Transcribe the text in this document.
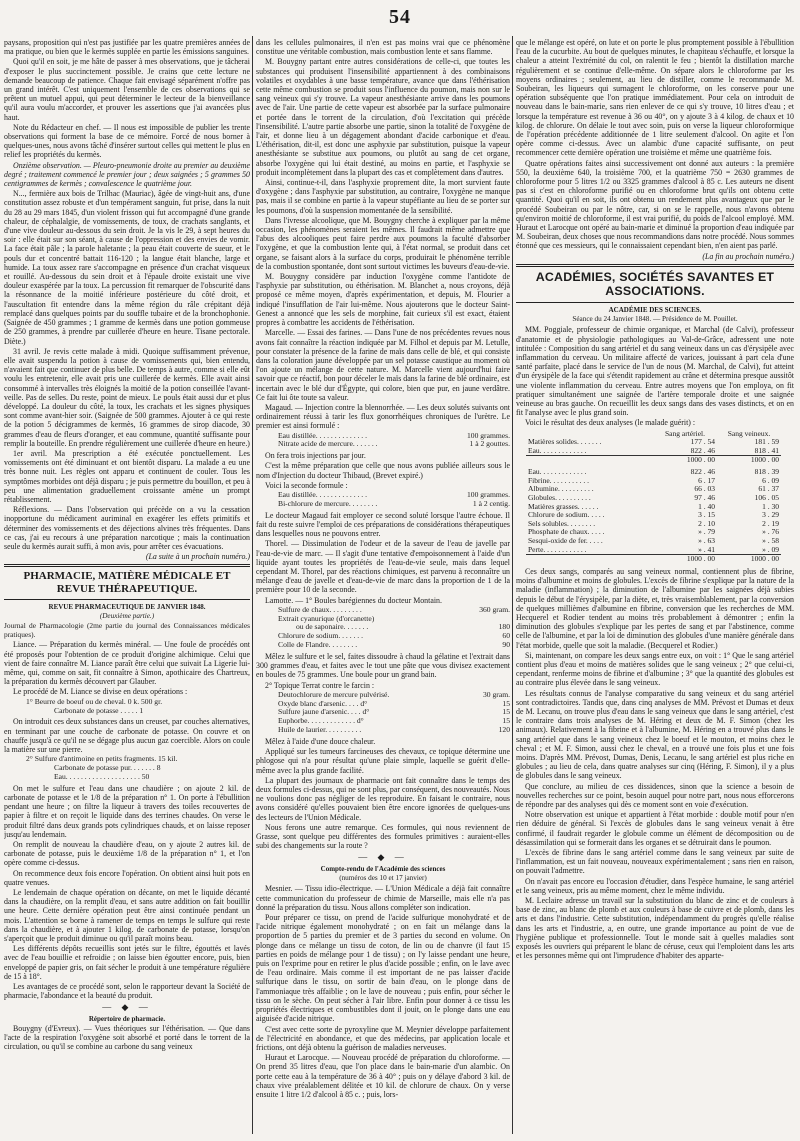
54

paysans, proposition qui n'est pas justifiée par les quatre premières années de ma pratique, ou bien que le kermès supplée en partie les émissions sanguines.

Quoi qu'il en soit, je me hâte de passer à mes observations, que je tâcherai d'exposer le plus succinctement possible. Je crains que cette lecture ne demande beaucoup de patience. Chaque fait envisagé séparément n'offre pas un grand intérêt. C'est uniquement l'ensemble de ces observations qui se prêtent un mutuel appui, qui peut déterminer le lecteur de la bienveillance qu'il aura voulu m'accorder, et prouver les assertions que j'ai avancées plus haut.

Note du Rédacteur en chef. — Il nous est impossible de publier les trente observations qui forment la base de ce mémoire. Forcé de nous borner à quelques-unes, nous avons tâché d'insérer surtout celles qui mettent le plus en relief les propriétés du kermès.

Onzième observation. — Pleuro-pneumonie droite au premier au deuxième degré ; traitement commencé le premier jour ; deux saignées ; 5 grammes 50 centigrammes de kermès ; convalescence le quatrième jour.

N..., fermière aux bois de Trilhac (Mauriac), âgée de vingt-huit ans, d'une constitution assez robuste et d'un tempérament sanguin, fut prise, dans la nuit du 28 au 29 mars 1845, d'un violent frisson qui fut accompagné d'une grande chaleur, de céphalalgie, de vomissements, de toux, de crachats sanglants, et d'une vive douleur au-dessous du sein droit. Je la vis le 29, à sept heures du soir : elle était sur son séant, à cause de l'oppression et des envies de vomir. La face était pâle ; la parole haletante ; la peau était couverte de sueur, et le pouls dur et concentré battait 116-120 ; la langue était blanche, large et humide. La toux assez rare s'accompagne en présence d'un crachat visqueux et rouillé. Au-dessous du sein droit et à l'épaule droite existait une vive douleur exaspérée par la toux. La percussion fit remarquer de l'obscurité dans la résonnance de la moitié inférieure postérieure du côté droit, et l'auscultation fit entendre dans la même région du râle crépitant déjà remplacé dans quelques points par du souffle tubaire et de la bronchophonie. (Saignée de 450 grammes ; 1 gramme de kermès dans une potion gommeuse de 250 grammes, à prendre par cuillerée d'heure en heure. Tisane pectorale. Diète.)

31 avril. Je revis cette malade à midi. Quoique suffisamment prévenue, elle avait suspendu la potion à cause de vomissements qui, bien entendu, n'avaient fait que continuer de plus belle. De temps à autre, comme si elle eût voulu les entretenir, elle avait pris une cuillerée de kermès. Elle avait ainsi consommé à intervalles très éloignés la moitié de la potion conseillée l'avant-veille. Pas de selles. Du reste, point de mieux. Le pouls était aussi dur et plus développé. La douleur du côté, la toux, les crachats et les signes physiques sont comme avant-hier soir. (Saignée de 500 grammes. Ajouter à ce qui reste de la potion 5 décigrammes de kermès, 16 grammes de sirop diacode, 30 grammes d'eau de fleurs d'oranger, et eau commune, quantité suffisante pour remplir la bouteille. En prendre régulièrement une cuillerée d'heure en heure.)

1er avril. Ma prescription a été exécutée ponctuellement. Les vomissements ont été diminuant et ont bientôt disparu. La malade a eu une très bonne nuit. Les règles ont apparu et continuent de couler. Tous les symptômes morbides ont déjà disparu ; je puis permettre du bouillon, et peu à peu une alimentation graduellement croissante amène un prompt rétablissement.

Réflexions. — Dans l'observation qui précède on a vu la cessation inopportune du médicament auriminal en exagérer les effets primitifs et déterminer des vomissements et des déjections alvines très fréquentes. Dans ce cas, j'ai eu recours à une préparation narcotique ; mais la continuation seule du kermès aurait suffi, à mon avis, pour arrêter ces évacuations.

(La suite à un prochain numéro.)
PHARMACIE, MATIÈRE MÉDICALE ET REVUE THÉRAPEUTIQUE.
REVUE PHARMACEUTIQUE DE JANVIER 1848.
(Deuxième partie.)

Journal de Pharmacologie (2me partie du journal des Connaissances médicales pratiques).

Liance. — Préparation du kermès minéral. — Une foule de procédés ont été proposés pour l'obtention de ce produit d'origine alchimique. Celui que vient de faire connaître M. Liance paraît être celui que suivait La Ligerie lui-même, qui, comme on sait, fit connaître à Simon, apothicaire des Chartreux, la préparation du kermès découvert par Glauber.

Le procédé de M. Liance se divise en deux opérations :

1° Beurre de boeuf ou de cheval. 0 k. 500 gr.
Carbonate de potasse . . . . . 1

On introduit ces deux substances dans un creuset, par couches alternatives, en terminant par une couche de carbonate de potasse. On couvre et on chauffe jusqu'à ce qu'il ne se dégage plus aucun gaz coercible. Alors on coule la matière sur une pierre.

2° Sulfure d'antimoine en petits fragments. 15 kil.
Carbonate de potasse pur. . . . . . . 8
Eau. . . . . . . . . . . . . . . . . . . . 50

On met le sulfure et l'eau dans une chaudière ; on ajoute 2 kil. de carbonate de potasse et le 1/8 de la préparation n° 1. On porte à l'ébullition pendant une heure ; on filtre la liqueur à travers des toiles recouvertes de papier à filtre et on reçoit le liquide dans des terrines chaudes. On verse le produit filtré dans deux grands pots cylindriques chauds, et on laisse reposer jusqu'au lendemain.

On remplit de nouveau la chaudière d'eau, on y ajoute 2 autres kil. de carbonate de potasse, puis le deuxième 1/8 de la préparation n° 1, et l'on opère comme ci-dessus.

On recommence deux fois encore l'opération. On obtient ainsi huit pots en quatre venues.

Le lendemain de chaque opération on décante, on met le liquide décanté dans la chaudière, on la remplit d'eau, et sans autre addition on fait bouillir une heure. Cette dernière opération peut être ainsi continuée pendant un mois. L'attention se borne à ramener de temps en temps le sulfure qui reste dans la chaudière, et à ajouter 1 kilog. de carbonate de potasse, lorsqu'on s'aperçoit que le produit diminue ou qu'il paraît moins beau.

Les différents dépôts recueillis sont jetés sur le filtre, égouttés et lavés avec de l'eau bouillie et refroidie ; on laisse bien égoutter encore, puis, bien enveloppé de papier gris, on fait sécher le produit à une température régulière de 15 à 18°.

Les avantages de ce procédé sont, selon le rapporteur devant la Société de pharmacie, l'abondance et la beauté du produit.

— ◆ —
Répertoire de pharmacie.

Bouygny (d'Evreux). — Vues théoriques sur l'éthérisation. — Que dans l'acte de la respiration l'oxygène soit absorbé et porté dans le torrent de la circulation, ou qu'il se combine au carbone du sang veineux

dans les cellules pulmonaires, il n'en est pas moins vrai que ce phénomène constitue une véritable combustion, mais combustion lente et sans flamme.

M. Bouygny partant entre autres considérations de celle-ci, que toutes les substances qui produisent l'insensibilité appartiennent à des combinaisons volatiles et oxydables à une basse température, avance que dans l'éthérisation cette même combustion se produit sous l'influence du poumon, mais non sur le sang veineux qui s'y trouve. La vapeur anesthésiante arrive dans les poumons avec de l'air. Une partie de cette vapeur est absorbée par la surface pulmonaire et portée dans le torrent de la circulation, d'où l'excitation qui précède l'insensibilité. L'autre partie absorbe une partie, sinon la totalité de l'oxygène de l'air, et donne lieu à un dégagement abondant d'acide carbonique et d'eau. L'éthérisation, dit-il, est donc une asphyxie par substitution, puisque la vapeur anesthésiante se substitue aux poumons, ou plutôt au sang de cet organe, absorbe l'oxygène qui lui était destiné, au moins en partie, et l'asphyxie se produit incomplètement dans la plupart des cas et complètement dans d'autres.

Ainsi, continue-t-il, dans l'asphyxie proprement dite, la mort survient faute d'oxygène ; dans l'asphyxie par substitution, au contraire, l'oxygène ne manque pas, mais il se combine en partie à la vapeur stupéfiante au lieu de se porter sur les poumons, d'où la suspension momentanée de la sensibilité.

Dans l'ivresse alcoolique, que M. Bouygny cherche à expliquer par la même occasion, les phénomènes seraient les mêmes. Il faudrait même admettre que l'abus des alcooliques peut faire perdre aux poumons la faculté d'absorber l'oxygène, et que la combustion lente qui, à l'état normal, se produit dans cet organe, se faisant alors à la surface du corps, produirait le phénomène terrible de la combustion spontanée, dont sont surtout victimes les buveurs d'eau-de-vie.

M. Bouygny considère par induction l'oxygène comme l'antidote de l'asphyxie par substitution, ou éthérisation. M. Blanchet a, nous croyons, déjà proposé ce même moyen, d'après expérimentation, et depuis, M. Flourier a indiqué l'insufflation de l'air lui-même. Nous ajouterons que le docteur Saint-Genest a annoncé que les sels de morphine, fait curieux s'il est exact, étaient propres à combattre les accidents de l'éthérisation.

Marcelle. — Essai des farines. — Dans l'une de nos précédentes revues nous avons fait connaître la réaction indiquée par M. Filhol et depuis par M. Letulle, pour constater la présence de la farine de maïs dans celle de blé, et qui consiste dans la coloration jaune développée par un sel potasse caustique au moment où l'on ajoute un mélange de cette nature. M. Marcelle vient aujourd'hui faire savoir que ce réactif, bon pour déceler le maïs dans la farine de blé ordinaire, est incertain avec le blé dur d'Égypte, qui colore, bien que pur, en jaune verdâtre. Ce fait lui ôte toute sa valeur.

Magaud. — Injection contre la blennorrhée. — Les deux solutés suivants ont ordinairement réussi à tarir les flux gonorrhéiques chroniques de l'urètre. Le premier est ainsi formulé :

Eau distillée. . . . . . . . . . . . . .	100 grammes.
Nitrate acide de mercure. . . . . . .	1 à 2 gouttes.

On fera trois injections par jour.

C'est la même préparation que celle que nous avons publiée ailleurs sous le nom d'Injection du docteur Thibaud, (Brevet expiré.)

Voici la seconde formule :

Eau distillée. . . . . . . . . . . . . .	100 grammes.
Bi-chlorure de mercure. . . . . . . .	1 à 2 centig.

Le docteur Magaud fait employer ce second soluté lorsque l'autre échoue. Il fait du reste suivre l'emploi de ces préparations de considérations thérapeutiques dans lesquelles nous ne pouvons entrer.

Thorel. — Dissimulation de l'odeur et de la saveur de l'eau de javelle par l'eau-de-vie de marc. — Il s'agit d'une tentative d'empoisonnement à l'aide d'un liquide ayant toutes les propriétés de l'eau-de-vie seule, mais dans lequel cependant M. Thorel, par des réactions chimiques, est parvenu à reconnaître un mélange d'eau de javelle et d'eau-de-vie de marc dans la proportion de 1 de la première pour 10 de la seconde.

Lamotte. — 1° Boules barégiennes du docteur Montain.

Sulfure de chaux. . . . . . . . .	360 gram.
Extrait cyanurique (d'orcanette)
ou de saponaire. . . . . . .	180
Chlorure de sodium. . . . . . .	60
Colle de Flandre. . . . . . . .	90

Mêlez le sulfure et le sel, faites dissoudre à chaud la gélatine et l'extrait dans 300 grammes d'eau, et faites avec le tout une pâte que vous divisez exactement en boules de 75 grammes. Une boule pour un grand bain.

2° Topique Terrat contre le farcin :

Deutochlorure de mercure pulvérisé.	30 gram.
Oxyde blanc d'arsenic. . . . d°	15
Sulfure jaune d'arsenic. . . . d°	15
Euphorbe. . . . . . . . . . . . . d°	15
Huile de laurier. . . . . . . . . .	120

Mêlez à l'aide d'une douce chaleur.

Appliqué sur les tumeurs farcineuses des chevaux, ce topique détermine une phlogose qui n'a pour résultat qu'une plaie simple, laquelle se guérit d'elle-même avec la plus grande facilité.

La plupart des journaux de pharmacie ont fait connaître dans le temps des deux formules ci-dessus, qui ne sont plus, par conséquent, des nouveautés. Nous ne voulions donc pas négliger de les reproduire. En faisant le contraire, nous avons considéré qu'elles pouvaient bien être encore ignorées de quelques-uns des lecteurs de l'Union Médicale.

Nous ferons une autre remarque. Ces formules, qui nous reviennent de Grasse, sont quelque peu différentes des formules primitives : auraient-elles subi des changements sur la route ?

— ◆ —
Compte-rendu de l'Académie des sciences
(numéros des 10 et 17 janvier)

Mesnier. — Tissu idio-électrique. — L'Union Médicale a déjà fait connaître cette communication du professeur de chimie de Marseille, mais elle n'a pas donné la préparation du tissu. Nous allons compléter son indication.

Pour préparer ce tissu, on prend de l'acide sulfurique monohydraté et de l'acide nitrique également monohydraté ; on en fait un mélange dans la proportion de 5 parties du premier et de 3 parties du second en volume. On plonge dans ce mélange un tissu de coton, de lin ou de chanvre (il faut 15 parties en poids de mélange pour 1 de tissu) ; on l'y laisse pendant une heure, puis on l'exprime pour en retirer le plus d'acide possible ; enfin, on le lave avec de l'eau ordinaire. Mais comme il est important de ne pas laisser d'acide sulfurique dans le tissu, on sortir de bain d'eau, on le plonge dans de l'ammoniaque très affaiblie ; on le lave de nouveau ; puis enfin, pour sécher le tissu on le sèche. On peut sécher à l'air libre. Enfin pour donner à ce tissu les propriétés électriques et combustibles dont il jouit, on le plonge dans une eau aiguisée d'acide nitrique.

C'est avec cette sorte de pyroxyline que M. Meynier développe parfaitement de l'électricité en abondance, et que des médecins, par application locale et frictions, ont déjà obtenu la guérison de maladies nerveuses.

Huraut et Larocque. — Nouveau procédé de préparation du chloroforme. — On prend 35 litres d'eau, que l'on place dans le bain-marie d'un alambic. On porte cette eau à la température de 36 à 40° ; puis on y délaye d'abord 3 kil. de chaux vive préalablement délitée et 10 kil. de chlorure de chaux. On y verse ensuite 1 litre 1/2 d'alcool à 85 c. ; puis, lors-

que le mélange est opéré, on lute et on porte le plus promptement possible à l'ébullition l'eau de la cucurbite. Au bout de quelques minutes, le chapiteau s'échauffe, et lorsque la chaleur a atteint l'extrémité du col, on ralentit le feu ; bientôt la distillation marche régulièrement et se continue d'elle-même. On sépare alors le chloroforme par les moyens ordinaires ; seulement, au lieu de distiller, comme le recommande M. Soubeiran, les liqueurs qui surnagent le chloroforme, on les conserve pour une opération subséquente que l'on pratique immédiatement. Pour cela on introduit de nouveau dans le bain-marie, sans rien enlever de ce qui s'y trouve, 10 litres d'eau ; et lorsque la température est revenue à 36 ou 40°, on y ajoute 3 à 4 kilog. de chaux et 10 kilog. de chlorure. On délaie le tout avec soin, puis on verse la liqueur chloroformique de l'opération précédente additionnée de 1 litre seulement d'alcool. On agite et l'on opère comme ci-dessus. Avec un alambic d'une capacité suffisante, on peut recommencer cette dernière opération une troisième et même une quatrième fois.

Quatre opérations faites ainsi successivement ont donné aux auteurs : la première 550, la deuxième 640, la troisième 700, et la quatrième 750 = 2630 grammes de chloroforme pour 5 litres 1/2 ou 3325 grammes d'alcool à 85 c. Les auteurs ne disent pas si c'est en chloroforme purifié ou en chloroforme brut qu'ils ont obtenu cette quantité. Quoi qu'il en soit, ils ont obtenu un rendement plus avantageux que par le procédé Soubeiran ou par le nôtre, car, si on se le rappelle, nous n'avons obtenu qu'environ moitié de chloroforme, il est vrai purifié, du poids de l'alcool employé. MM. Huraut et Larocque ont opéré au bain-marie et diminué la proportion d'eau indiquée par M. Soubeiran, deux choses que nous recommandions dans notre procédé. Nous sommes étonné que ces messieurs, qui le connaissaient cependant bien, n'en aient pas parlé.

(La fin au prochain numéro.)
ACADÉMIES, SOCIÉTÉS SAVANTES ET ASSOCIATIONS.
ACADÉMIE DES SCIENCES.
Séance du 24 Janvier 1848. — Présidence de M. Pouillet.

MM. Poggiale, professeur de chimie organique, et Marchal (de Calvi), professeur d'anatomie et de physiologie pathologiques au Val-de-Grâce, adressent une note intitulée : Composition du sang artériel et du sang veineux dans un cas d'érysipèle avec inflammation du cerveau. Un militaire affecté de varices, jouissant à part cela d'une santé parfaite, placé dans le service de l'un de nous (M. Marchal, de Calvi), fut atteint d'un érysipèle de la face qui s'étendit rapidement au crâne et détermina presque aussitôt une violente inflammation du cerveau. Entre autres moyens que l'on employa, on fit pratiquer simultanément une saignée de l'artère temporale droite et une saignée veineuse au bras gauche. On recueillit les deux sangs dans des vases distincts, et on en fit l'analyse avec le plus grand soin.

Voici le résultat des deux analyses (le malade guérit) :

	Sang artériel.	Sang veineux.
Matières solides. . . . . . .	177 . 54	181 . 59
Eau. . . . . . . . . . . . .	822 . 46	818 . 41
	1000 . 00	1000 . 00
Eau. . . . . . . . . . . . .	822 . 46	818 . 39
Fibrine. . . . . . . . . . .	6 . 17	6 . 09
Albumine. . . . . . . . . .	66 . 03	61 . 37
Globules. . . . . . . . . .	97 . 46	106 . 05
Matières grasses. . . . . .	1 . 40	1 . 30
Chlorure de sodium. . . . .	3 . 15	3 . 29
Sels solubles. . . . . . . .	2 . 10	2 . 19
Phosphate de chaux. . . . .	» . 79	» . 76
Sesqui-oxide de fer. . . . .	» . 63	» . 58
Perte. . . . . . . . . . . .	» . 41	» . 09
	1000 . 00	1000 . 00

Ces deux sangs, comparés au sang veineux normal, contiennent plus de fibrine, moins d'albumine et moins de globules. L'excès de fibrine s'explique par la nature de la maladie (inflammation) ; la diminution de l'albumine par les saignées déjà subies depuis le début de l'érysipèle, par la diète, et, très vraisemblablement, par la conversion de quelques millièmes d'albumine en fibrine, conversion que les recherches de MM. Hecquerel et Rodier tendent au moins très probablement à démontrer ; enfin la diminution des globules s'explique par les pertes de sang et par l'abstinence, comme celle de l'albumine, et par la loi de diminution des globules d'une manière générale dans l'état morbide, quelle que soit la maladie. (Becquerel et Rodier.)

Si, maintenant, on compare les deux sangs entre eux, on voit : 1° Que le sang artériel contient plus d'eau et moins de matières solides que le sang veineux ; 2° que celui-ci, cependant, renferme moins de fibrine et d'albumine ; 3° que la quantité des globules est au contraire plus élevée dans le sang veineux.

Les résultats connus de l'analyse comparative du sang veineux et du sang artériel sont contradictoires. Tandis que, dans cinq analyses de MM. Prévost et Dumas et deux de M. Lecanu, on trouve plus d'eau dans le sang veineux que dans le sang artériel, c'est le contraire dans trois analyses de M. Héring et deux de M. F. Simon (chez les animaux). Relativement à la fibrine et à l'albumine, M. Héring en a trouvé plus dans le sang artériel que dans le sang veineux chez le boeuf et le mouton, et moins chez le cheval ; et M. F. Simon, aussi chez le cheval, en a trouvé une fois plus et une fois moins. D'après MM. Prévost, Dumas, Denis, Lecanu, le sang artériel est plus riche en globules ; au lieu de cela, dans quatre analyses sur cinq (Héring, F. Simon), il y a plus de globules dans le sang veineux.

Que conclure, au milieu de ces dissidences, sinon que la science a besoin de nouvelles recherches sur ce point, besoin auquel pour notre part, nous nous efforcerons de répondre par des analyses qui dès ce moment sont en voie d'exécution.

Notre observation est unique et appartient à l'état morbide : double motif pour n'en rien déduire de général. Si l'excès de globules dans le sang veineux venait à être confirmé, il faudrait regarder le globule comme un élément de décomposition ou de désassimilation qui se formerait dans les organes et se détruirait dans le poumon.

L'excès de fibrine dans le sang artériel comme dans le sang veineux par suite de l'inflammation, est un fait nouveau, nouveaux expérimentalement ; sans rien en raison, on pouvait l'admettre.

On n'avait pas encore eu l'occasion d'étudier, dans l'espèce humaine, le sang artériel et le sang veineux, pris au même moment, chez le même individu.

M. Leclaire adresse un travail sur la substitution du blanc de zinc et de couleurs à base de zinc, au blanc de plomb et aux couleurs à base de cuivre et de plomb, dans les arts et dans l'industrie. Cette substitution, indépendamment du progrès qu'elle réalise dans les arts et l'industrie, a, en outre, une grande importance au point de vue de l'hygiène publique et professionnelle. Tout le monde sait à quelles maladies sont exposés les ouvriers qui préparent le blanc de céruse, ceux qui l'emploient dans les arts et les personnes même qui ont l'imprudence d'habiter des apparte-
